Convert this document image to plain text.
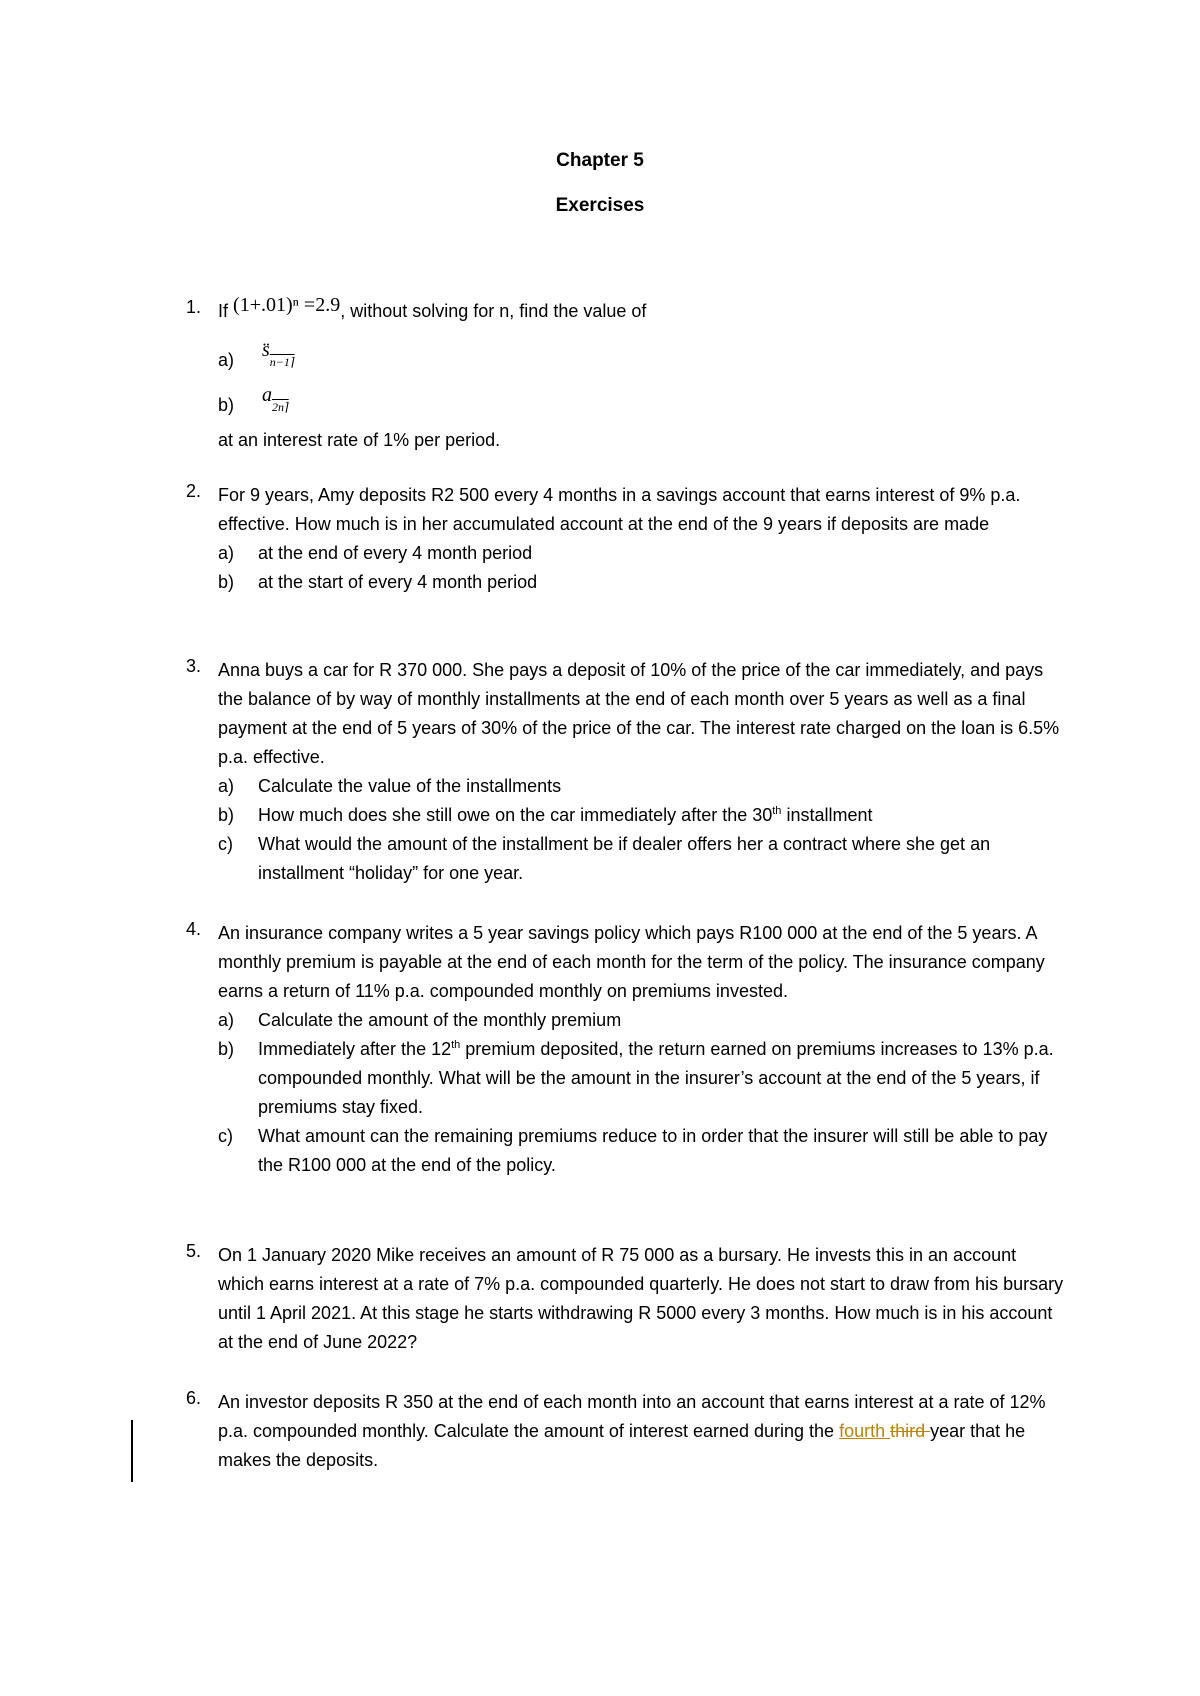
Chapter 5
Exercises
1. If (1+.01)ⁿ =2.9, without solving for n, find the value of
a) s̈n−1⌉
b) a2n⌉
at an interest rate of 1% per period.
2. For 9 years, Amy deposits R2 500 every 4 months in a savings account that earns interest of 9% p.a. effective. How much is in her accumulated account at the end of the 9 years if deposits are made
a) at the end of every 4 month period
b) at the start of every 4 month period
3. Anna buys a car for R 370 000. She pays a deposit of 10% of the price of the car immediately, and pays the balance of by way of monthly installments at the end of each month over 5 years as well as a final payment at the end of 5 years of 30% of the price of the car. The interest rate charged on the loan is 6.5% p.a. effective.
a) Calculate the value of the installments
b) How much does she still owe on the car immediately after the 30th installment
c) What would the amount of the installment be if dealer offers her a contract where she get an installment “holiday” for one year.
4. An insurance company writes a 5 year savings policy which pays R100 000 at the end of the 5 years. A monthly premium is payable at the end of each month for the term of the policy. The insurance company earns a return of 11% p.a. compounded monthly on premiums invested.
a) Calculate the amount of the monthly premium
b) Immediately after the 12th premium deposited, the return earned on premiums increases to 13% p.a. compounded monthly. What will be the amount in the insurer’s account at the end of the 5 years, if premiums stay fixed.
c) What amount can the remaining premiums reduce to in order that the insurer will still be able to pay the R100 000 at the end of the policy.
5. On 1 January 2020 Mike receives an amount of R 75 000 as a bursary. He invests this in an account which earns interest at a rate of 7% p.a. compounded quarterly. He does not start to draw from his bursary until 1 April 2021. At this stage he starts withdrawing R 5000 every 3 months. How much is in his account at the end of June 2022?
6. An investor deposits R 350 at the end of each month into an account that earns interest at a rate of 12% p.a. compounded monthly. Calculate the amount of interest earned during the fourth third year that he makes the deposits.
